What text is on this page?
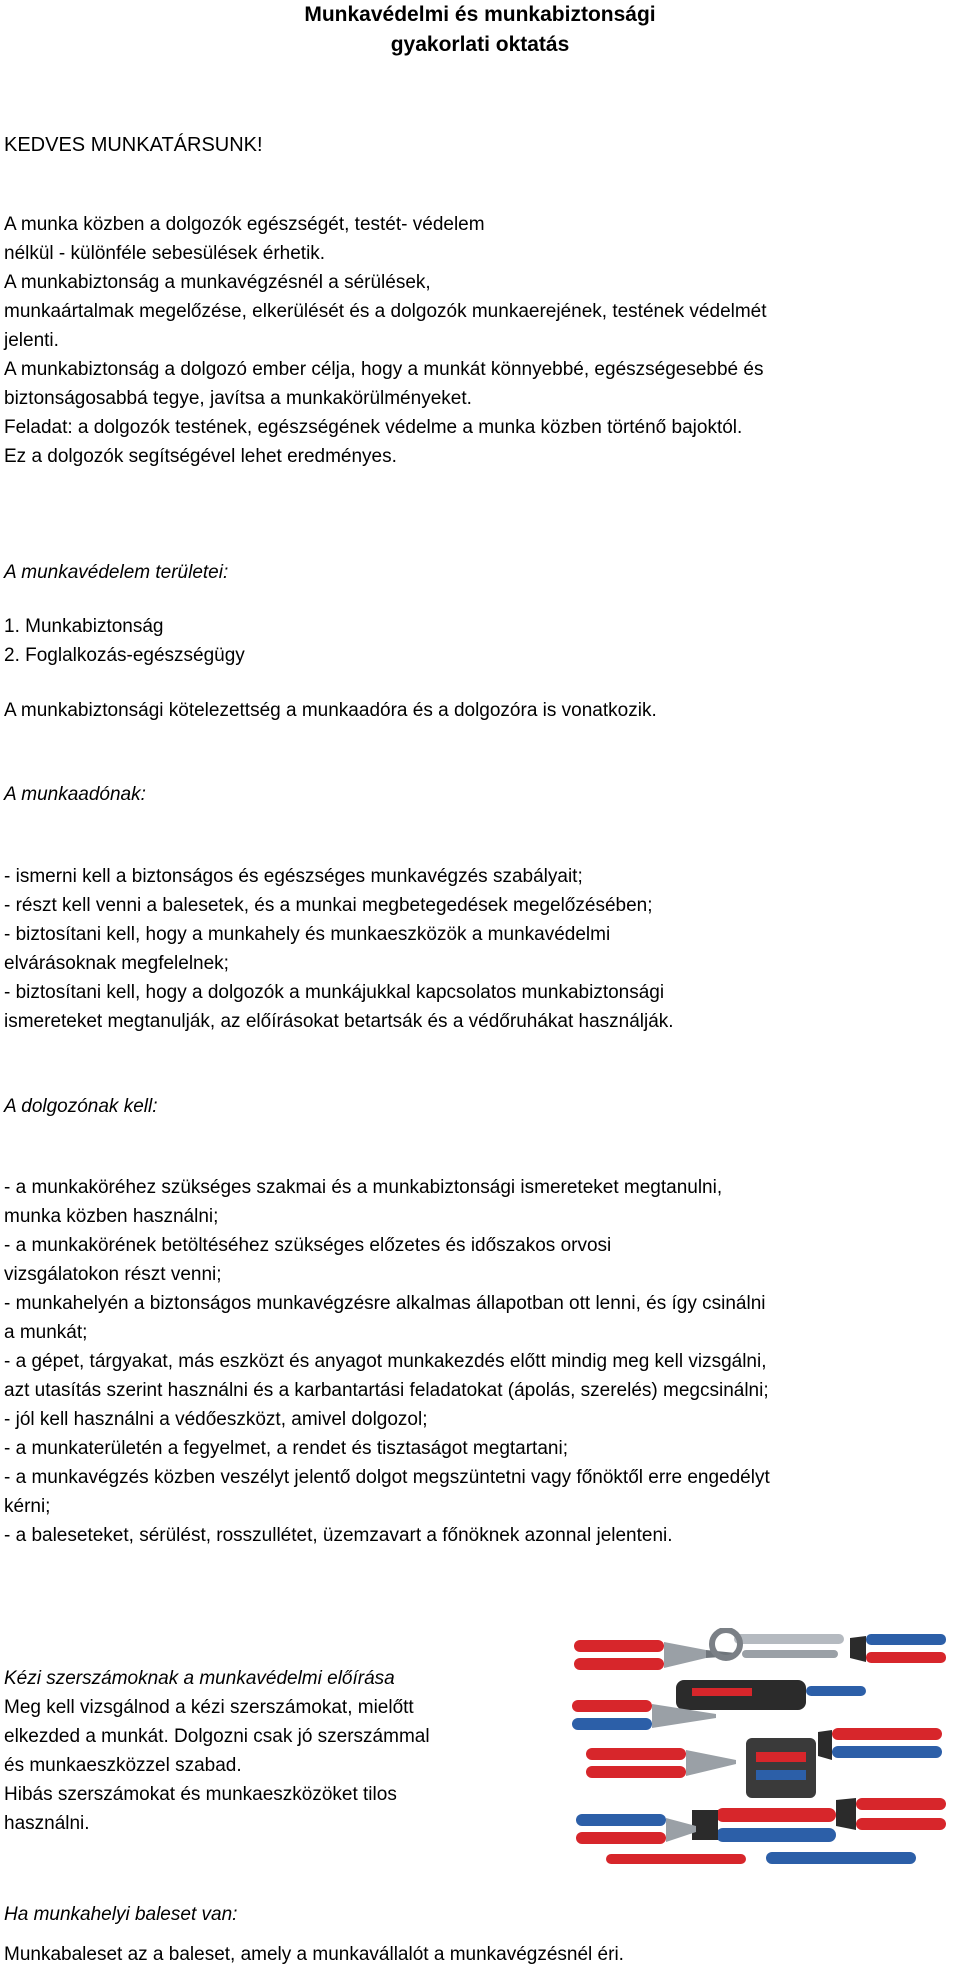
Munkavédelmi és munkabiztonsági
gyakorlati oktatás
KEDVES MUNKATÁRSUNK!

A munka közben a dolgozók egészségét, testét- védelem

nélkül - különféle sebesülések érhetik.

A munkabiztonság a munkavégzésnél a sérülések,

munkaártalmak megelőzése, elkerülését és a dolgozók munkaerejének, testének védelmét

jelenti.

A munkabiztonság a dolgozó ember célja, hogy a munkát könnyebbé, egészségesebbé és

biztonságosabbá tegye, javítsa a munkakörülményeket.

Feladat: a dolgozók testének, egészségének védelme a munka közben történő bajoktól.

Ez a dolgozók segítségével lehet eredményes.

A munkavédelem területei:
1. Munkabiztonság
2. Foglalkozás-egészségügy
A munkabiztonsági kötelezettség a munkaadóra és a dolgozóra is vonatkozik.
A munkaadónak:

- ismerni kell a biztonságos és egészséges munkavégzés szabályait;

- részt kell venni a balesetek, és a munkai megbetegedések megelőzésében;

- biztosítani kell, hogy a munkahely és munkaeszközök a munkavédelmi

elvárásoknak megfelelnek;

- biztosítani kell, hogy a dolgozók a munkájukkal kapcsolatos munkabiztonsági

ismereteket megtanulják, az előírásokat betartsák és a védőruhákat használják.

A dolgozónak kell:

- a munkaköréhez szükséges szakmai és a munkabiztonsági ismereteket megtanulni,

munka közben használni;

- a munkakörének betöltéséhez szükséges előzetes és időszakos orvosi

vizsgálatokon részt venni;

- munkahelyén a biztonságos munkavégzésre alkalmas állapotban ott lenni, és így csinálni

a munkát;

- a gépet, tárgyakat, más eszközt és anyagot munkakezdés előtt mindig meg kell vizsgálni,

azt utasítás szerint használni és a karbantartási feladatokat (ápolás, szerelés) megcsinálni;

- jól kell használni a védőeszközt, amivel dolgozol;

- a munkaterületén a fegyelmet, a rendet és tisztaságot megtartani;

- a munkavégzés közben veszélyt jelentő dolgot megszüntetni vagy főnöktől erre engedélyt

kérni;

- a baleseteket, sérülést, rosszullétet, üzemzavart a főnöknek azonnal jelenteni.

Kézi szerszámoknak a munkavédelmi előírása

Meg kell vizsgálnod a kézi szerszámokat, mielőtt

elkezded a munkát. Dolgozni csak jó szerszámmal

és munkaeszközzel szabad.

Hibás szerszámokat és munkaeszközöket tilos

használni.

Ha munkahelyi baleset van:
Munkabaleset az a baleset, amely a munkavállalót a munkavégzésnél éri.
